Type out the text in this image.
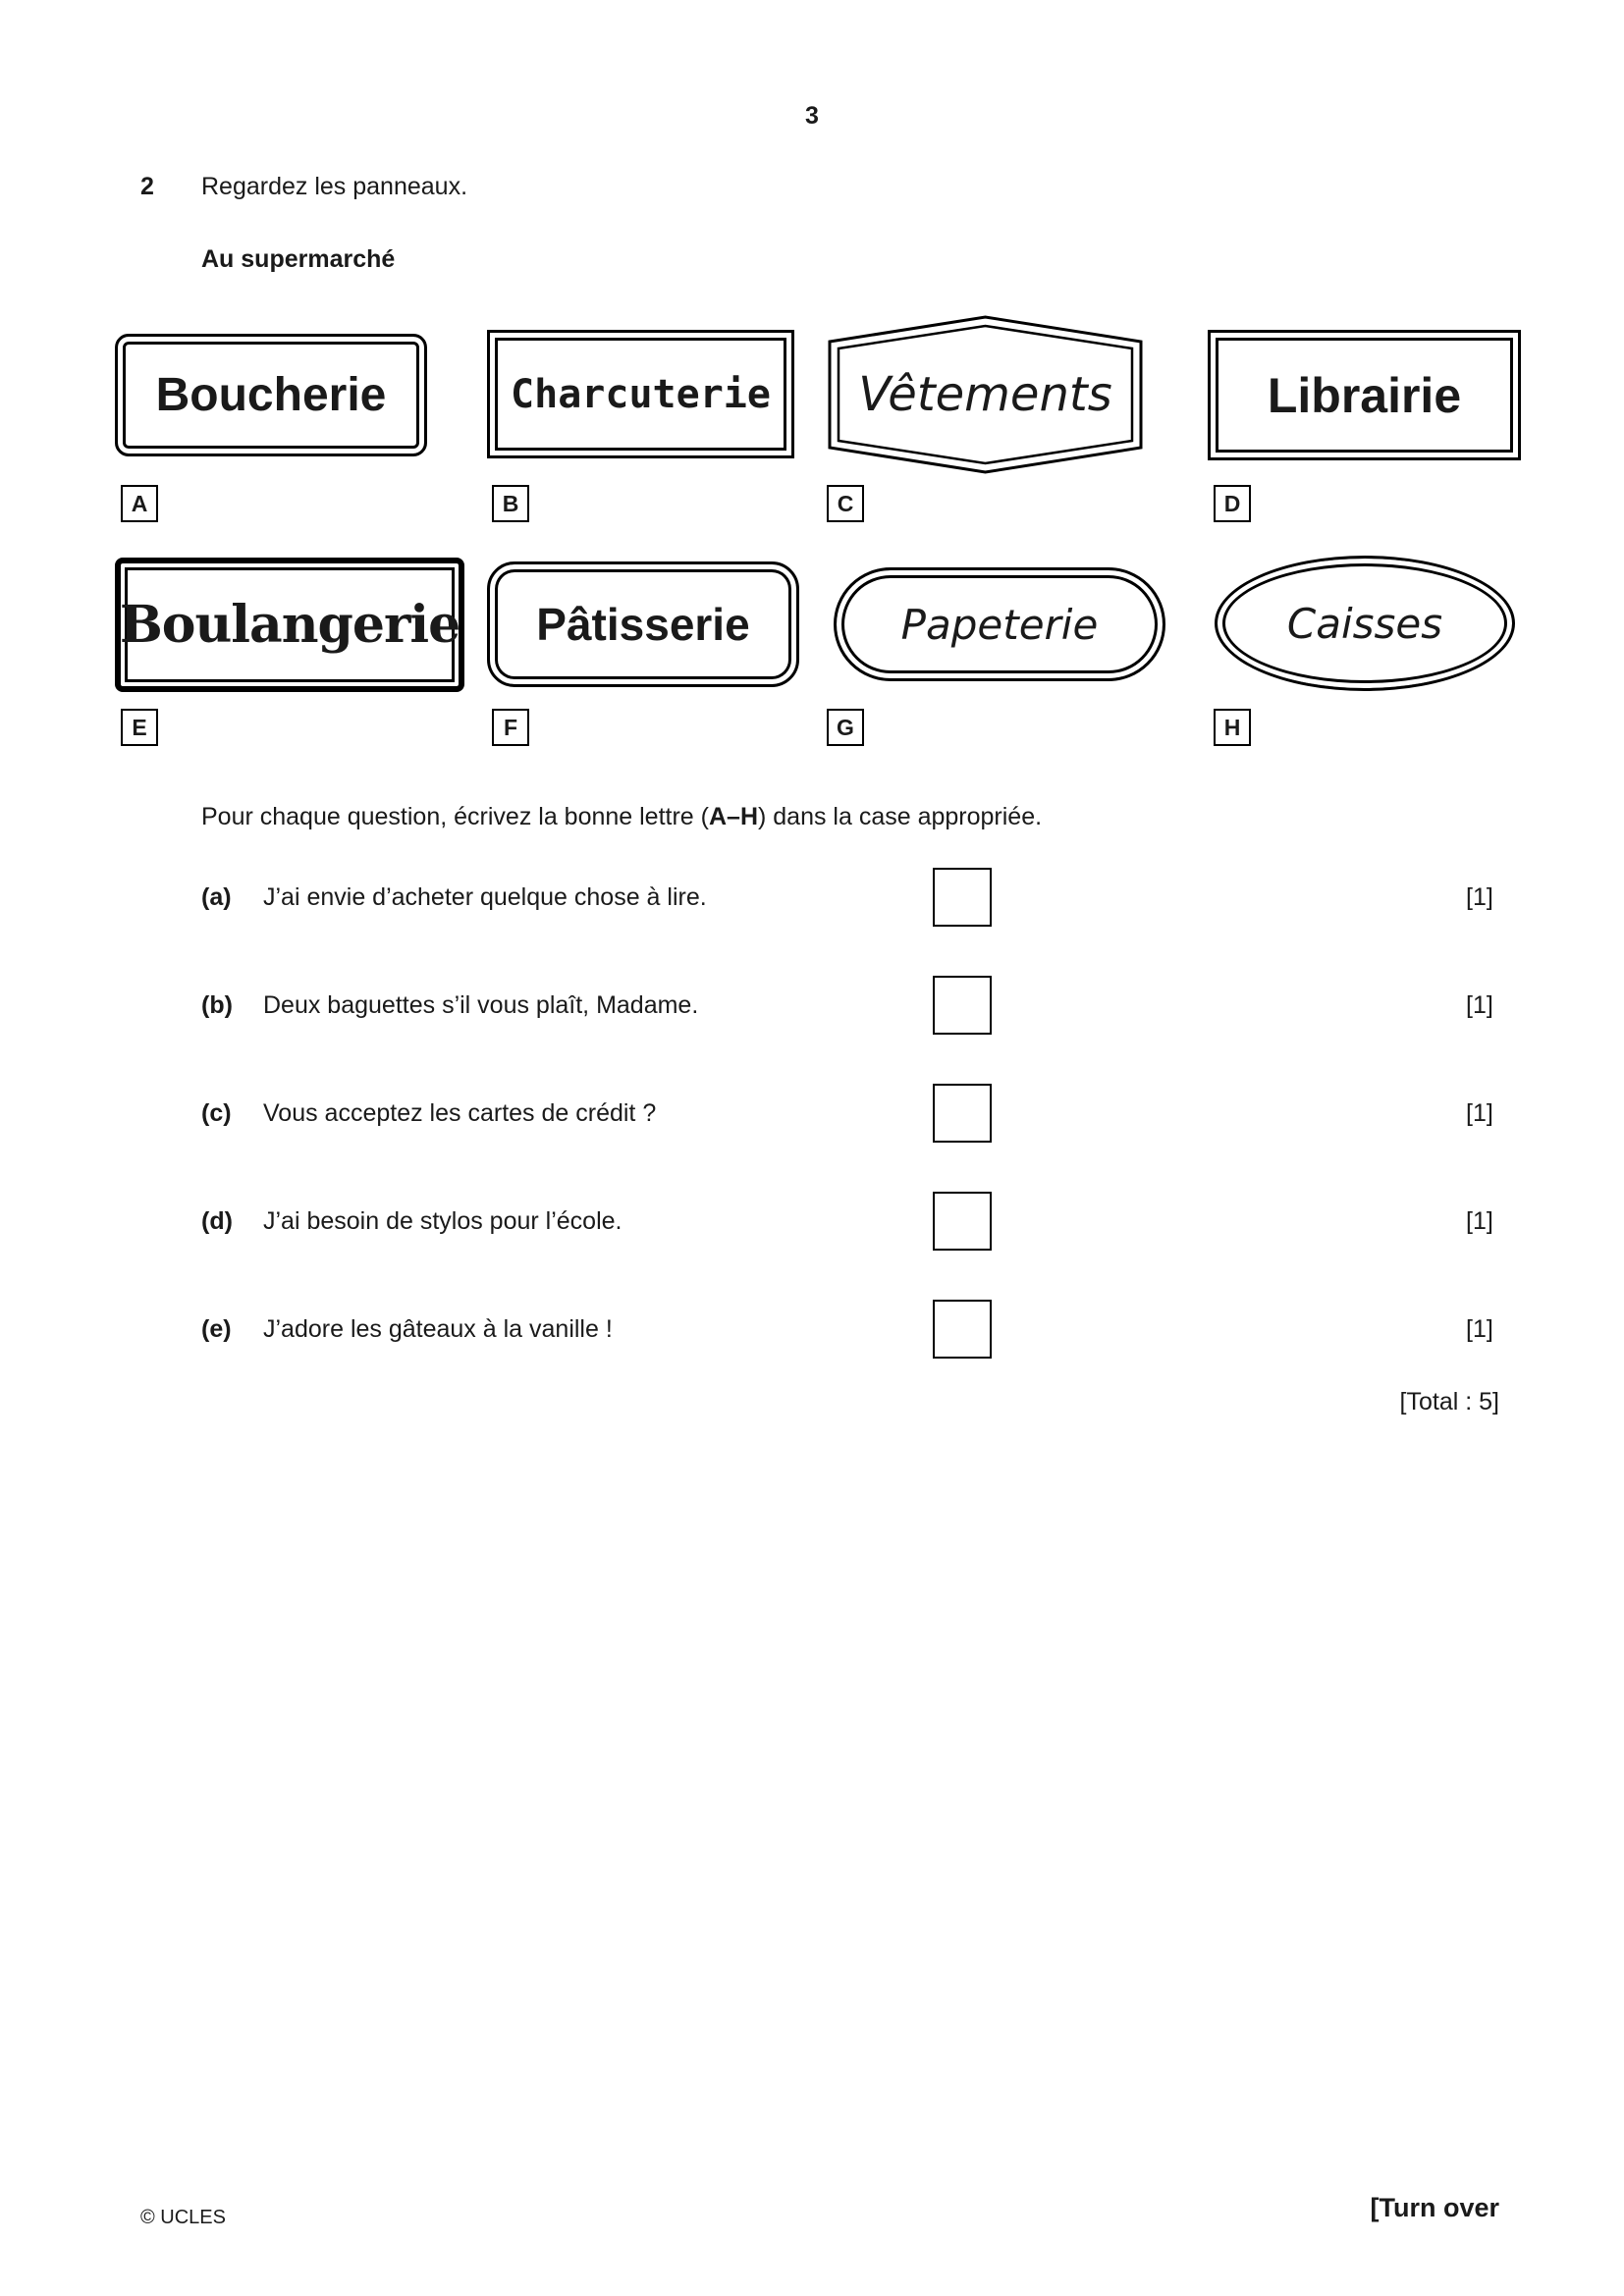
3
2 Regardez les panneaux.
Au supermarché
Boucherie	Charcuterie Vêtements	Librairie
A	B	C	D
Boulangerie Pâtisserie	Papeterie	Caisses
E	F	G	H
Pour chaque question, écrivez la bonne lettre (A–H) dans la case appropriée.
(a) J’ai envie d’acheter quelque chose à lire.	[1]
(b) Deux baguettes s’il vous plaît, Madame.	[1]
(c) Vous acceptez les cartes de crédit ?	[1]
(d) J’ai besoin de stylos pour l’école.	[1]
(e) J’adore les gâteaux à la vanille !	[1]
[Total : 5]
© UCLES	[Turn over
